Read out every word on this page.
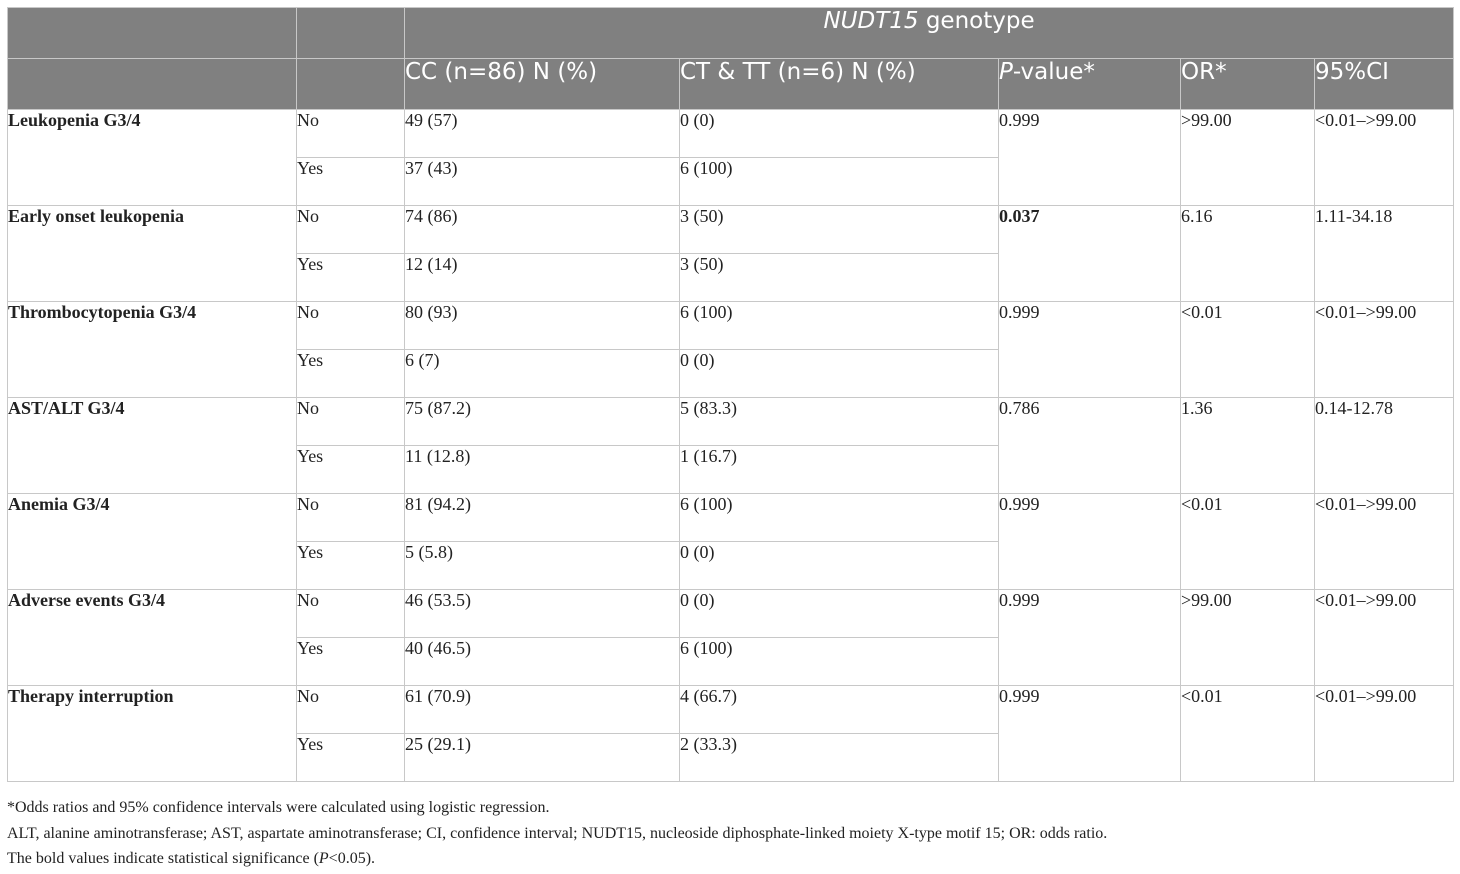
		NUDT15 genotype				
		CC (n=86) N (%)	CT & TT (n=6) N (%)	P-value*	OR*	95%CI
Leukopenia G3/4	No	49 (57)	0 (0)	0.999	>99.00	<0.01–>99.00
	Yes	37 (43)	6 (100)			
Early onset leukopenia	No	74 (86)	3 (50)	0.037	6.16	1.11-34.18
	Yes	12 (14)	3 (50)			
Thrombocytopenia G3/4	No	80 (93)	6 (100)	0.999	<0.01	<0.01–>99.00
	Yes	6 (7)	0 (0)			
AST/ALT G3/4	No	75 (87.2)	5 (83.3)	0.786	1.36	0.14-12.78
	Yes	11 (12.8)	1 (16.7)			
Anemia G3/4	No	81 (94.2)	6 (100)	0.999	<0.01	<0.01–>99.00
	Yes	5 (5.8)	0 (0)			
Adverse events G3/4	No	46 (53.5)	0 (0)	0.999	>99.00	<0.01–>99.00
	Yes	40 (46.5)	6 (100)			
Therapy interruption	No	61 (70.9)	4 (66.7)	0.999	<0.01	<0.01–>99.00
	Yes	25 (29.1)	2 (33.3)			
*Odds ratios and 95% confidence intervals were calculated using logistic regression.
ALT, alanine aminotransferase; AST, aspartate aminotransferase; CI, confidence interval; NUDT15, nucleoside diphosphate-linked moiety X-type motif 15; OR: odds ratio.
The bold values indicate statistical significance (P<0.05).
